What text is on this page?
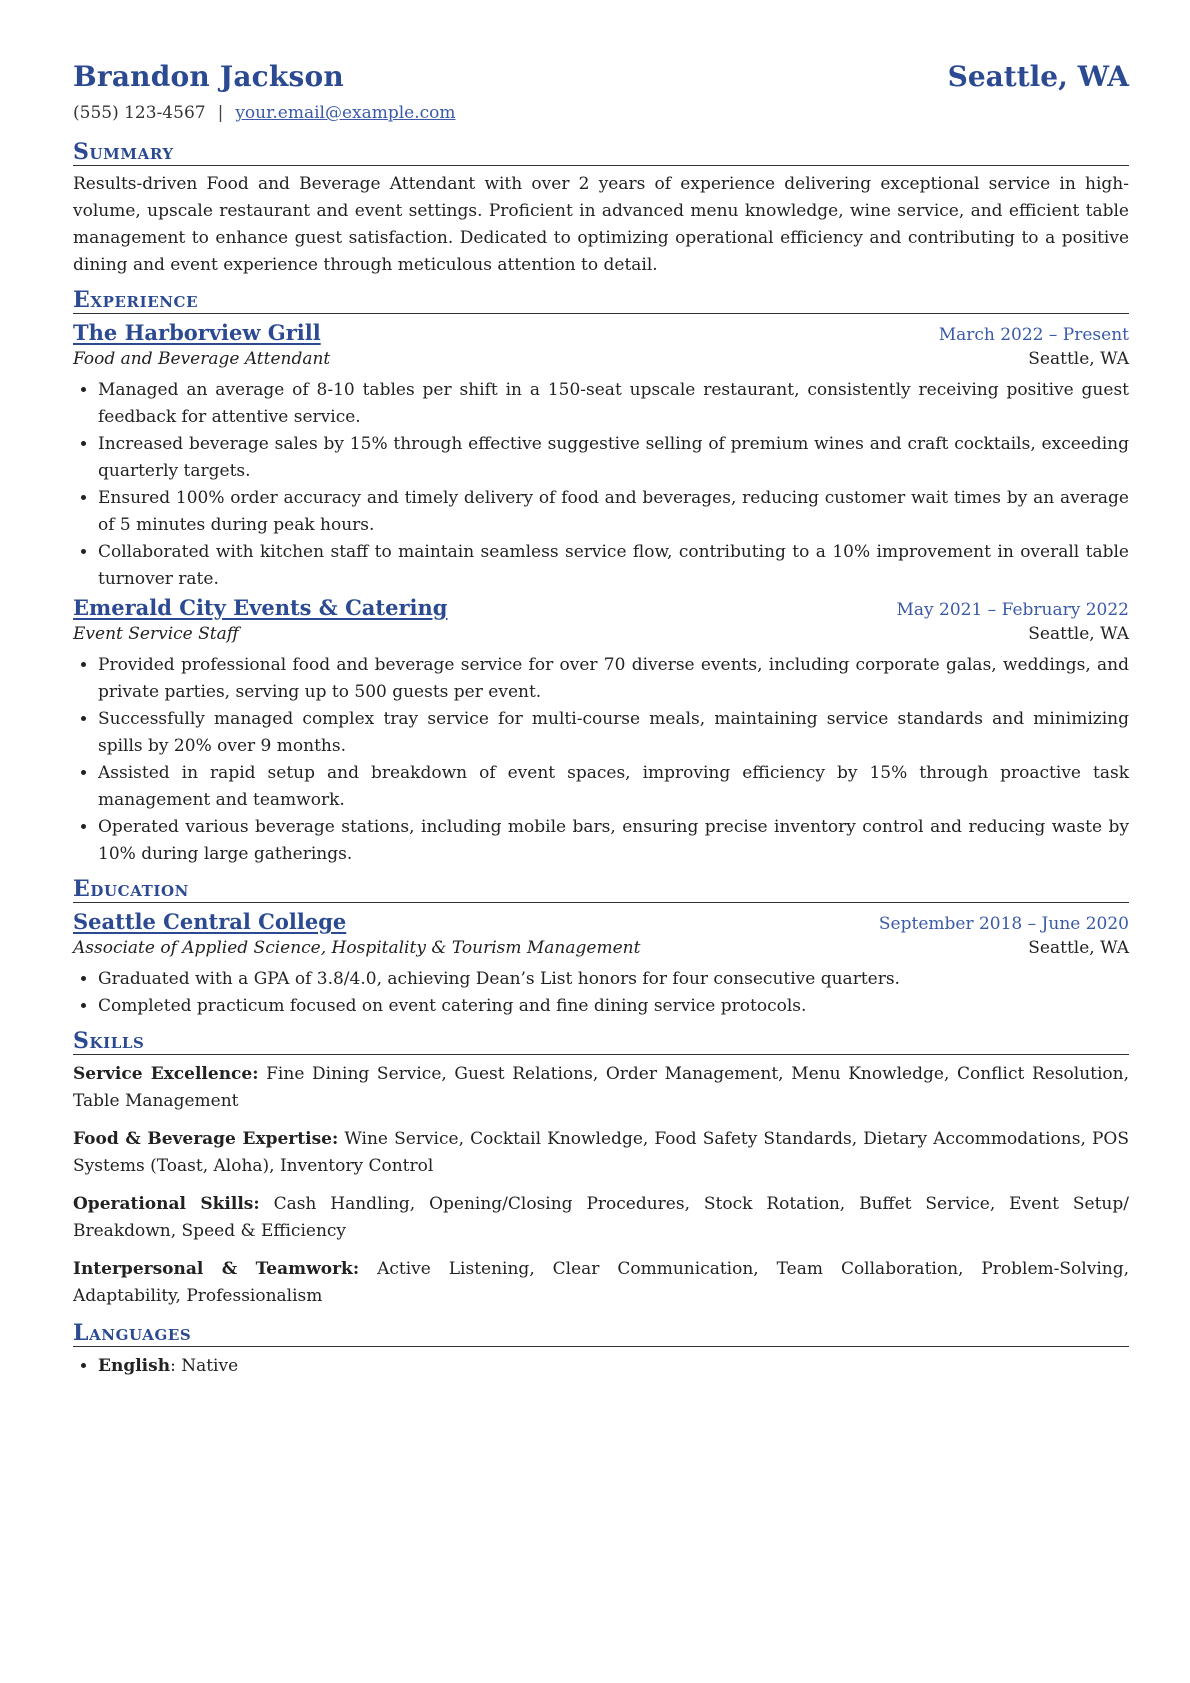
Brandon Jackson	Seattle, WA
(555) 123-4567 | your.email@example.com
Summary
Results-driven Food and Beverage Attendant with over 2 years of experience delivering exceptional service in high-volume, upscale restaurant and event settings. Proficient in advanced menu knowledge, wine service, and efficient table management to enhance guest satisfaction. Dedicated to optimizing operational efficiency and contributing to a positive dining and event experience through meticulous attention to detail.
Experience
The Harborview Grill	March 2022 – Present
Food and Beverage Attendant	Seattle, WA
• Managed an average of 8-10 tables per shift in a 150-seat upscale restaurant, consistently receiving positive guest feedback for attentive service.
• Increased beverage sales by 15% through effective suggestive selling of premium wines and craft cocktails, exceeding quarterly targets.
• Ensured 100% order accuracy and timely delivery of food and beverages, reducing customer wait times by an average of 5 minutes during peak hours.
• Collaborated with kitchen staff to maintain seamless service flow, contributing to a 10% improvement in overall table turnover rate.
Emerald City Events & Catering	May 2021 – February 2022
Event Service Staff	Seattle, WA
• Provided professional food and beverage service for over 70 diverse events, including corporate galas, weddings, and private parties, serving up to 500 guests per event.
• Successfully managed complex tray service for multi-course meals, maintaining service standards and minimizing spills by 20% over 9 months.
• Assisted in rapid setup and breakdown of event spaces, improving efficiency by 15% through proactive task management and teamwork.
• Operated various beverage stations, including mobile bars, ensuring precise inventory control and reducing waste by 10% during large gatherings.
Education
Seattle Central College	September 2018 – June 2020
Associate of Applied Science, Hospitality & Tourism Management	Seattle, WA
• Graduated with a GPA of 3.8/4.0, achieving Dean’s List honors for four consecutive quarters.
• Completed practicum focused on event catering and fine dining service protocols.
Skills
Service Excellence: Fine Dining Service, Guest Relations, Order Management, Menu Knowledge, Conflict Resolution, Table Management
Food & Beverage Expertise: Wine Service, Cocktail Knowledge, Food Safety Standards, Dietary Accommodations, POS Systems (Toast, Aloha), Inventory Control
Operational Skills: Cash Handling, Opening/Closing Procedures, Stock Rotation, Buffet Service, Event Setup/ Breakdown, Speed & Efficiency
Interpersonal & Teamwork: Active Listening, Clear Communication, Team Collaboration, Problem-Solving, Adaptability, Professionalism
Languages
• English: Native
